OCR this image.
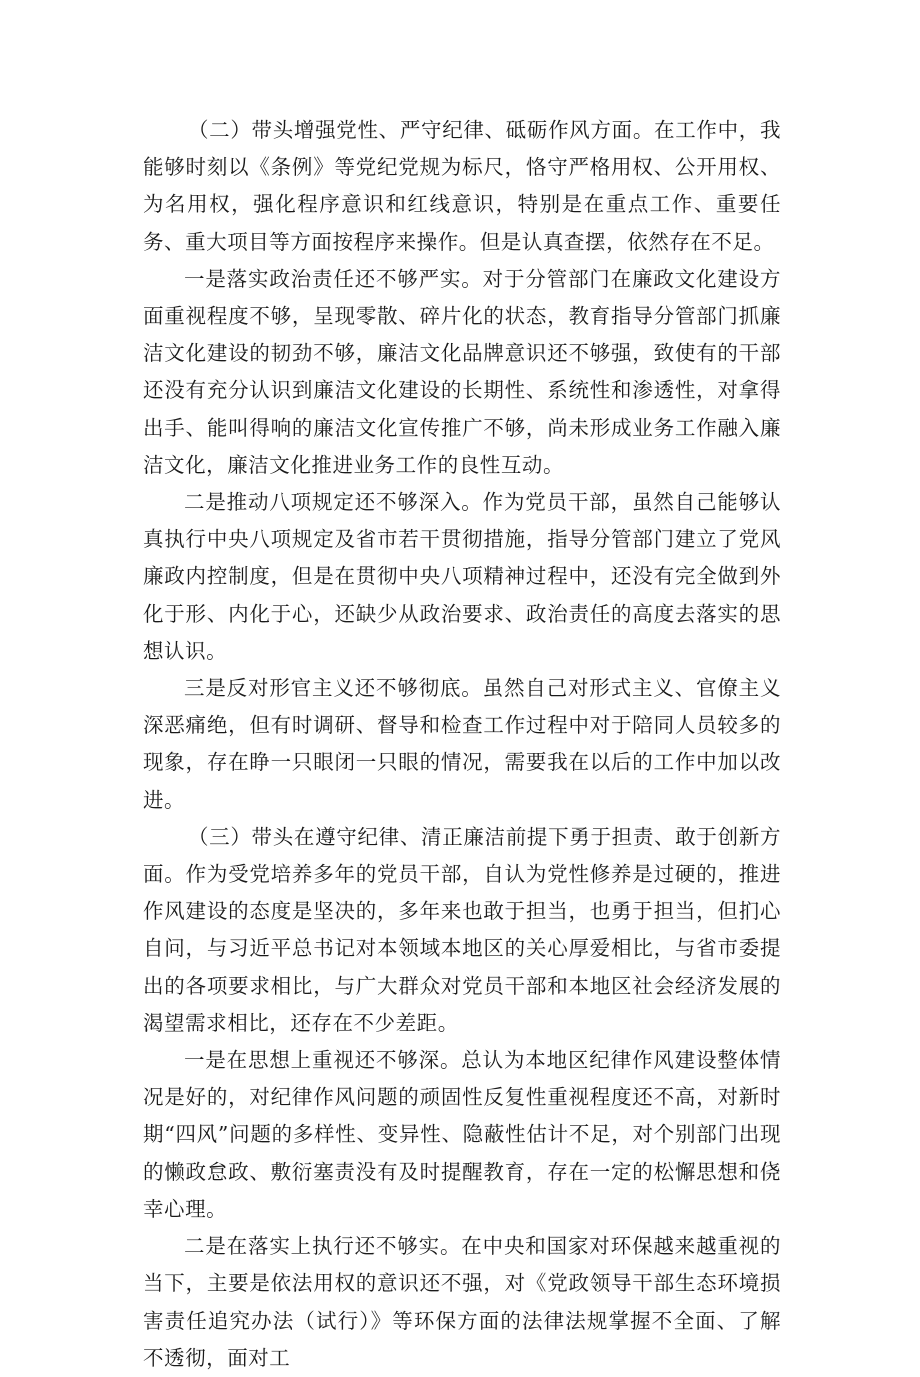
（二）带头增强党性、严守纪律、砥砺作风方面。在工作中，我能够时刻以《条例》等党纪党规为标尺，恪守严格用权、公开用权、为名用权，强化程序意识和红线意识，特别是在重点工作、重要任务、重大项目等方面按程序来操作。但是认真查摆，依然存在不足。

一是落实政治责任还不够严实。对于分管部门在廉政文化建设方面重视程度不够，呈现零散、碎片化的状态，教育指导分管部门抓廉洁文化建设的韧劲不够，廉洁文化品牌意识还不够强，致使有的干部还没有充分认识到廉洁文化建设的长期性、系统性和渗透性，对拿得出手、能叫得响的廉洁文化宣传推广不够，尚未形成业务工作融入廉洁文化，廉洁文化推进业务工作的良性互动。

二是推动八项规定还不够深入。作为党员干部，虽然自己能够认真执行中央八项规定及省市若干贯彻措施，指导分管部门建立了党风廉政内控制度，但是在贯彻中央八项精神过程中，还没有完全做到外化于形、内化于心，还缺少从政治要求、政治责任的高度去落实的思想认识。

三是反对形官主义还不够彻底。虽然自己对形式主义、官僚主义深恶痛绝，但有时调研、督导和检查工作过程中对于陪同人员较多的现象，存在睁一只眼闭一只眼的情况，需要我在以后的工作中加以改进。

（三）带头在遵守纪律、清正廉洁前提下勇于担责、敢于创新方面。作为受党培养多年的党员干部，自认为党性修养是过硬的，推进作风建设的态度是坚决的，多年来也敢于担当，也勇于担当，但扪心自问，与习近平总书记对本领域本地区的关心厚爱相比，与省市委提出的各项要求相比，与广大群众对党员干部和本地区社会经济发展的渴望需求相比，还存在不少差距。

一是在思想上重视还不够深。总认为本地区纪律作风建设整体情况是好的，对纪律作风问题的顽固性反复性重视程度还不高，对新时期“四风”问题的多样性、变异性、隐蔽性估计不足，对个别部门出现的懒政怠政、敷衍塞责没有及时提醒教育，存在一定的松懈思想和侥幸心理。

二是在落实上执行还不够实。在中央和国家对环保越来越重视的当下，主要是依法用权的意识还不强，对《党政领导干部生态环境损害责任追究办法（试行）》等环保方面的法律法规掌握不全面、了解不透彻，面对工
